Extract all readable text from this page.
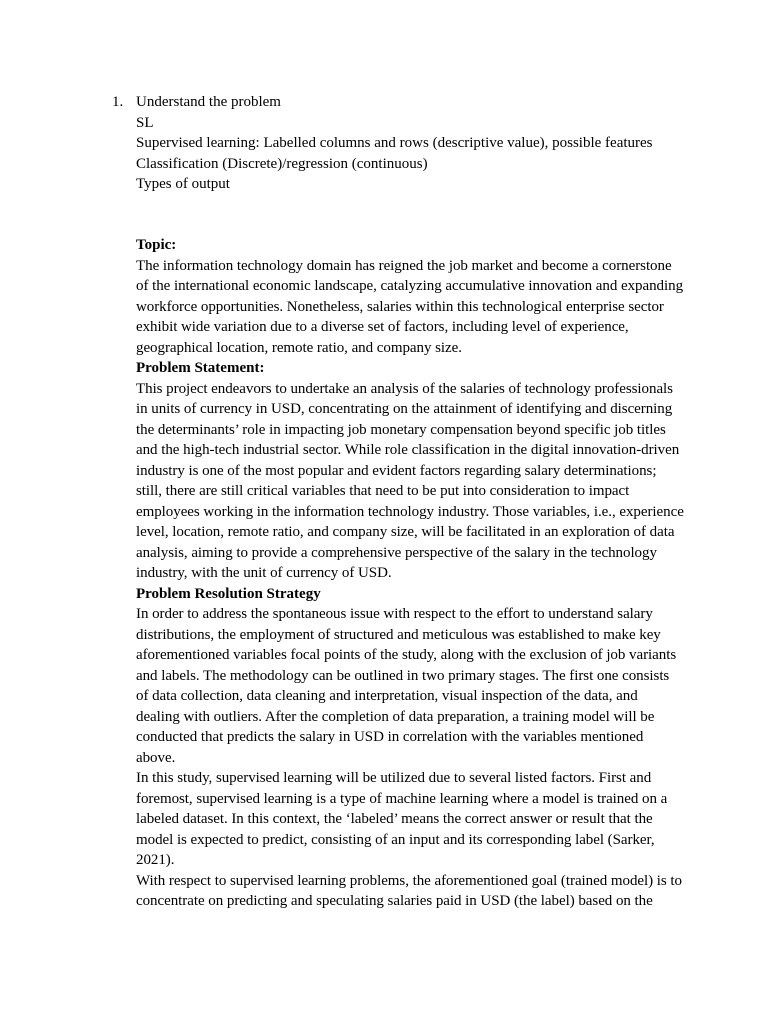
1. Understand the problem

SL

Supervised learning: Labelled columns and rows (descriptive value), possible features

Classification (Discrete)/regression (continuous)

Types of output

Topic:

The information technology domain has reigned the job market and become a cornerstone of the international economic landscape, catalyzing accumulative innovation and expanding workforce opportunities. Nonetheless, salaries within this technological enterprise sector exhibit wide variation due to a diverse set of factors, including level of experience, geographical location, remote ratio, and company size.

Problem Statement:

This project endeavors to undertake an analysis of the salaries of technology professionals in units of currency in USD, concentrating on the attainment of identifying and discerning the determinants’ role in impacting job monetary compensation beyond specific job titles and the high-tech industrial sector. While role classification in the digital innovation-driven industry is one of the most popular and evident factors regarding salary determinations; still, there are still critical variables that need to be put into consideration to impact employees working in the information technology industry. Those variables, i.e., experience level, location, remote ratio, and company size, will be facilitated in an exploration of data analysis, aiming to provide a comprehensive perspective of the salary in the technology industry, with the unit of currency of USD.

Problem Resolution Strategy

In order to address the spontaneous issue with respect to the effort to understand salary distributions, the employment of structured and meticulous was established to make key aforementioned variables focal points of the study, along with the exclusion of job variants and labels. The methodology can be outlined in two primary stages. The first one consists of data collection, data cleaning and interpretation, visual inspection of the data, and dealing with outliers. After the completion of data preparation, a training model will be conducted that predicts the salary in USD in correlation with the variables mentioned above.

In this study, supervised learning will be utilized due to several listed factors. First and foremost, supervised learning is a type of machine learning where a model is trained on a labeled dataset. In this context, the ‘labeled’ means the correct answer or result that the model is expected to predict, consisting of an input and its corresponding label (Sarker, 2021).

With respect to supervised learning problems, the aforementioned goal (trained model) is to concentrate on predicting and speculating salaries paid in USD (the label) based on the
